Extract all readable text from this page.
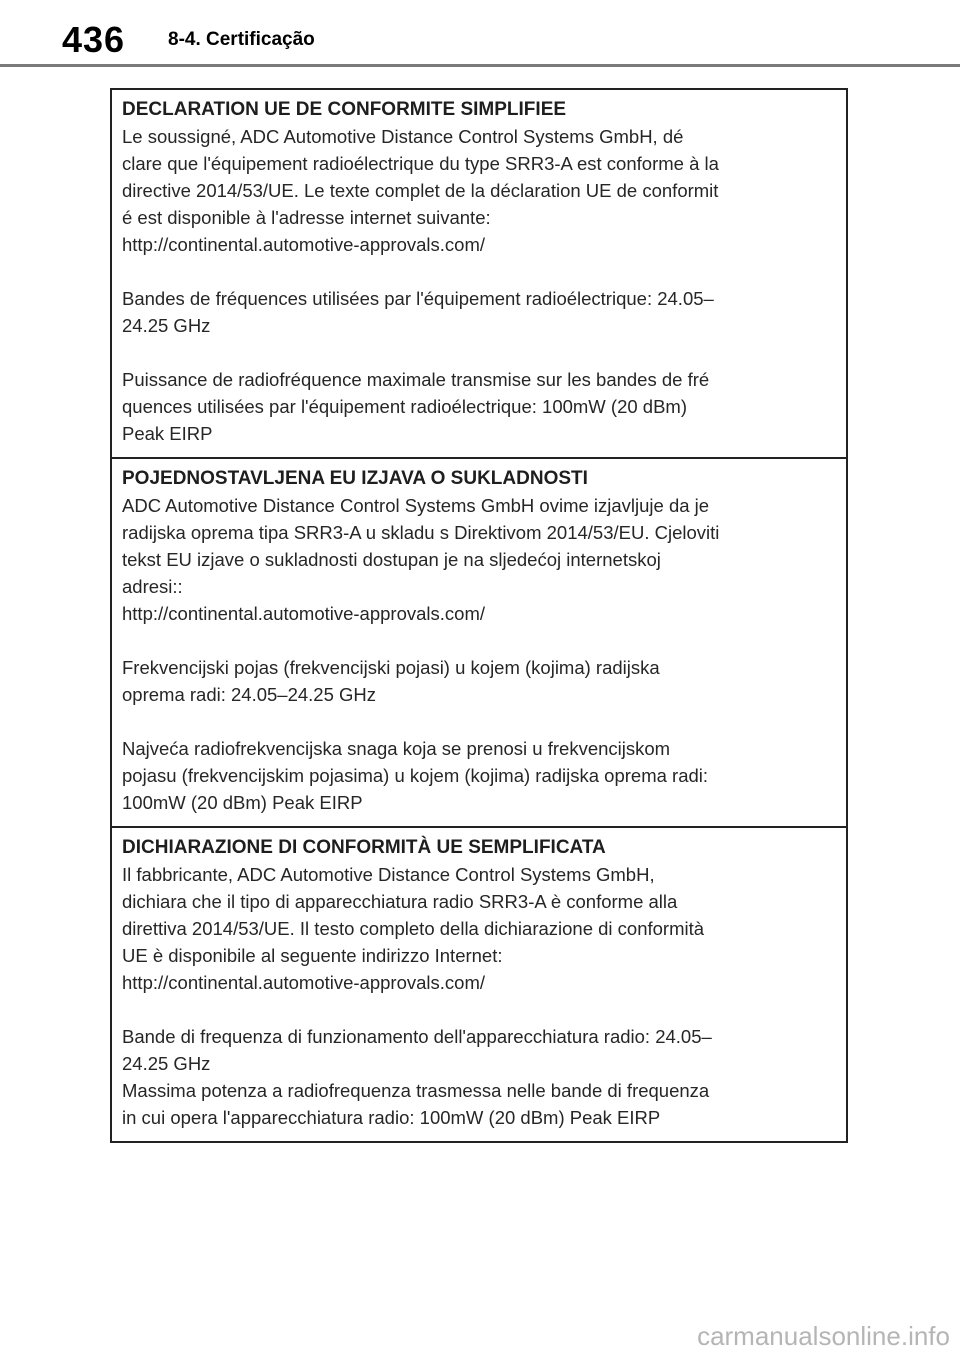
436 8-4. Certificação

DECLARATION UE DE CONFORMITE SIMPLIFIEE

Le soussigné, ADC Automotive Distance Control Systems GmbH, dé

clare que l'équipement radioélectrique du type SRR3-A est conforme à la

directive 2014/53/UE. Le texte complet de la déclaration UE de conformit

é est disponible à l'adresse internet suivante:

http://continental.automotive-approvals.com/

Bandes de fréquences utilisées par l'équipement radioélectrique: 24.05–

24.25 GHz

Puissance de radiofréquence maximale transmise sur les bandes de fré

quences utilisées par l'équipement radioélectrique: 100mW (20 dBm)

Peak EIRP

POJEDNOSTAVLJENA EU IZJAVA O SUKLADNOSTI

ADC Automotive Distance Control Systems GmbH ovime izjavljuje da je

radijska oprema tipa SRR3-A u skladu s Direktivom 2014/53/EU. Cjeloviti

tekst EU izjave o sukladnosti dostupan je na sljedećoj internetskoj

adresi::

http://continental.automotive-approvals.com/

Frekvencijski pojas (frekvencijski pojasi) u kojem (kojima) radijska

oprema radi: 24.05–24.25 GHz

Najveća radiofrekvencijska snaga koja se prenosi u frekvencijskom

pojasu (frekvencijskim pojasima) u kojem (kojima) radijska oprema radi:

100mW (20 dBm) Peak EIRP

DICHIARAZIONE DI CONFORMITÀ UE SEMPLIFICATA

Il fabbricante, ADC Automotive Distance Control Systems GmbH,

dichiara che il tipo di apparecchiatura radio SRR3-A è conforme alla

direttiva 2014/53/UE. Il testo completo della dichiarazione di conformità

UE è disponibile al seguente indirizzo Internet:

http://continental.automotive-approvals.com/

Bande di frequenza di funzionamento dell'apparecchiatura radio: 24.05–

24.25 GHz

Massima potenza a radiofrequenza trasmessa nelle bande di frequenza

in cui opera l'apparecchiatura radio: 100mW (20 dBm) Peak EIRP

carmanualsonline.info
